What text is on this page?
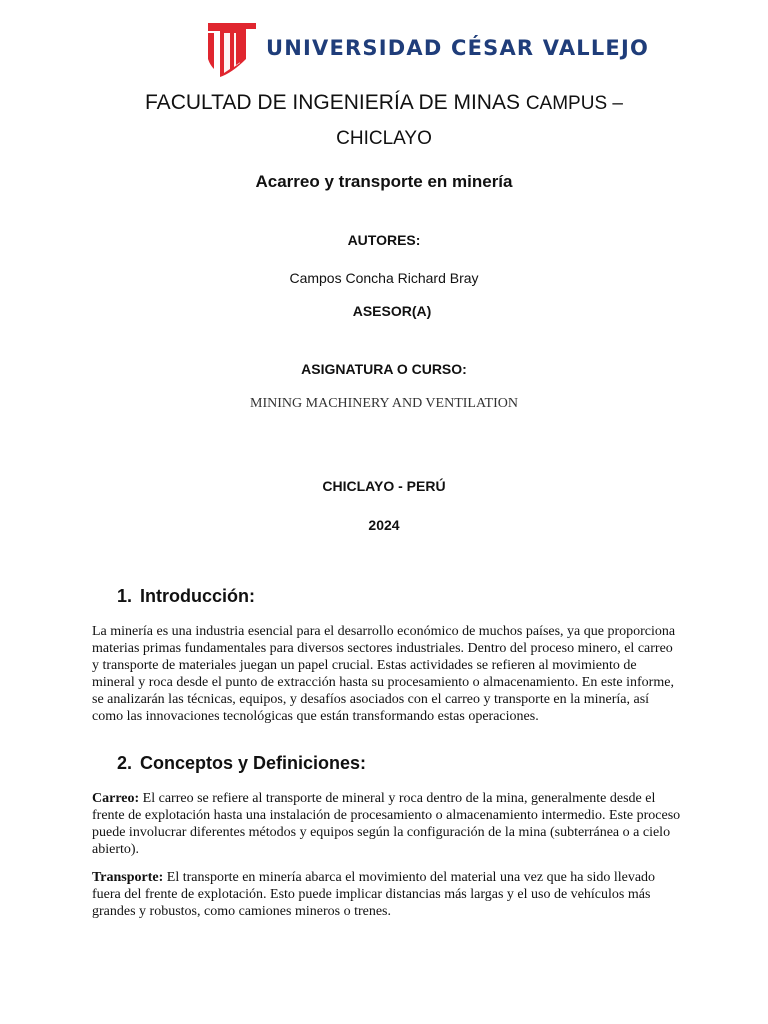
UNIVERSIDAD CÉSAR VALLEJO
FACULTAD DE INGENIERÍA DE MINAS CAMPUS –
CHICLAYO
Acarreo y transporte en minería
AUTORES:
Campos Concha Richard Bray
ASESOR(A)
ASIGNATURA O CURSO:
MINING MACHINERY AND VENTILATION
CHICLAYO - PERÚ
2024
1. Introducción:

La minería es una industria esencial para el desarrollo económico de muchos países, ya que proporciona materias primas fundamentales para diversos sectores industriales. Dentro del proceso minero, el carreo y transporte de materiales juegan un papel crucial. Estas actividades se refieren al movimiento de mineral y roca desde el punto de extracción hasta su procesamiento o almacenamiento. En este informe, se analizarán las técnicas, equipos, y desafíos asociados con el carreo y transporte en la minería, así como las innovaciones tecnológicas que están transformando estas operaciones.

2. Conceptos y Definiciones:

Carreo: El carreo se refiere al transporte de mineral y roca dentro de la mina, generalmente desde el frente de explotación hasta una instalación de procesamiento o almacenamiento intermedio. Este proceso puede involucrar diferentes métodos y equipos según la configuración de la mina (subterránea o a cielo abierto).

Transporte: El transporte en minería abarca el movimiento del material una vez que ha sido llevado fuera del frente de explotación. Esto puede implicar distancias más largas y el uso de vehículos más grandes y robustos, como camiones mineros o trenes.
